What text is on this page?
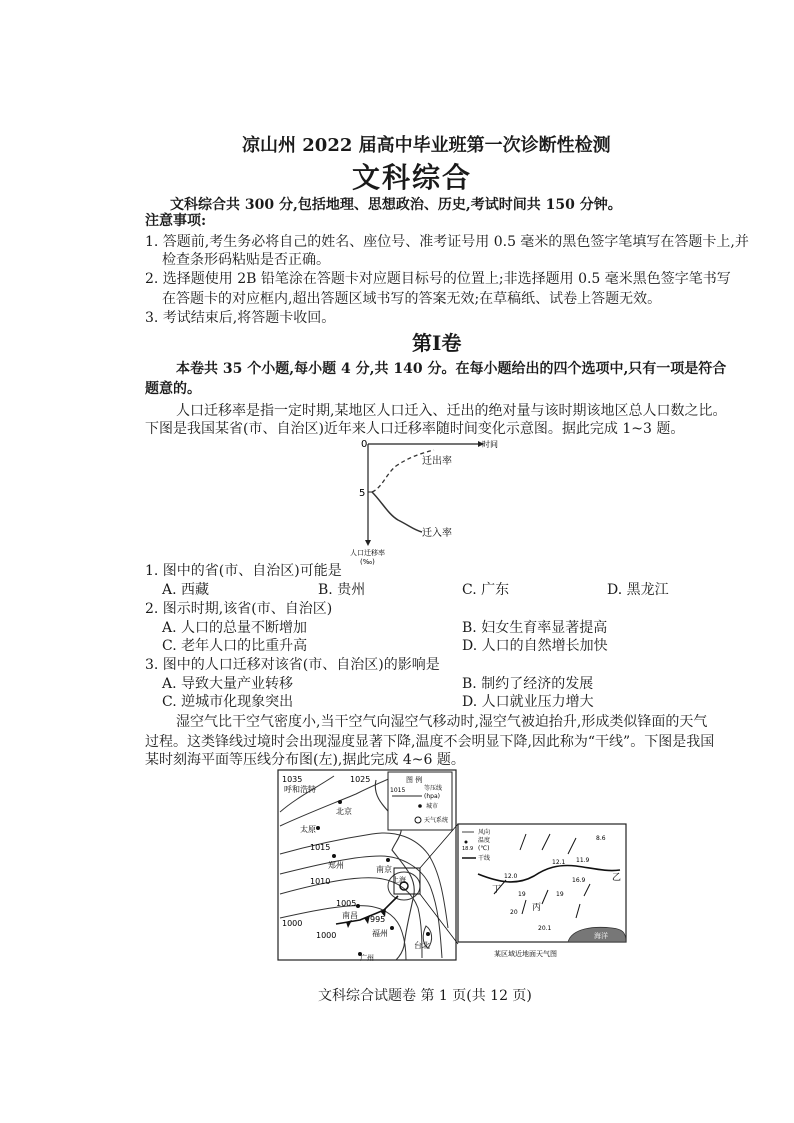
凉山州 2022 届高中毕业班第一次诊断性检测
文科综合
文科综合共 300 分,包括地理、思想政治、历史,考试时间共 150 分钟。
注意事项:
1. 答题前,考生务必将自己的姓名、座位号、准考证号用 0.5 毫米的黑色签字笔填写在答题卡上,并
检查条形码粘贴是否正确。
2. 选择题使用 2B 铅笔涂在答题卡对应题目标号的位置上;非选择题用 0.5 毫米黑色签字笔书写
在答题卡的对应框内,超出答题区域书写的答案无效;在草稿纸、试卷上答题无效。
3. 考试结束后,将答题卡收回。
第Ⅰ卷
本卷共 35 个小题,每小题 4 分,共 140 分。在每小题给出的四个选项中,只有一项是符合
题意的。
人口迁移率是指一定时期,某地区人口迁入、迁出的绝对量与该时期该地区总人口数之比。
下图是我国某省(市、自治区)近年来人口迁移率随时间变化示意图。据此完成 1~3 题。
0
5
时间
迁出率
迁入率
人口迁移率
(‰)
1. 图中的省(市、自治区)可能是
A. 西藏	B. 贵州	C. 广东	D. 黑龙江
2. 图示时期,该省(市、自治区)
A. 人口的总量不断增加	B. 妇女生育率显著提高
C. 老年人口的比重升高	D. 人口的自然增长加快
3. 图中的人口迁移对该省(市、自治区)的影响是
A. 导致大量产业转移	B. 制约了经济的发展
C. 逆城市化现象突出	D. 人口就业压力增大
湿空气比干空气密度小,当干空气向湿空气移动时,湿空气被迫抬升,形成类似锋面的天气
过程。这类锋线过境时会出现湿度显著下降,温度不会明显下降,因此称为“干线”。下图是我国
某时刻海平面等压线分布图(左),据此完成 4~6 题。
呼和浩特
北京
太原
郑州	南京
南昌
福州
台北
广州
上海
1035	1025
1015
1010
1005
1000
1000	995
图 例
1015	等压线
(hpa)
城市
天气系统
风向
18.9
温度
(℃)
干线
8.6
12.1 11.9
12.0
16.9
19	19
20
20.1
丁
丙
乙
海洋
某区域近地面天气图
文科综合试题卷 第 1 页(共 12 页)
